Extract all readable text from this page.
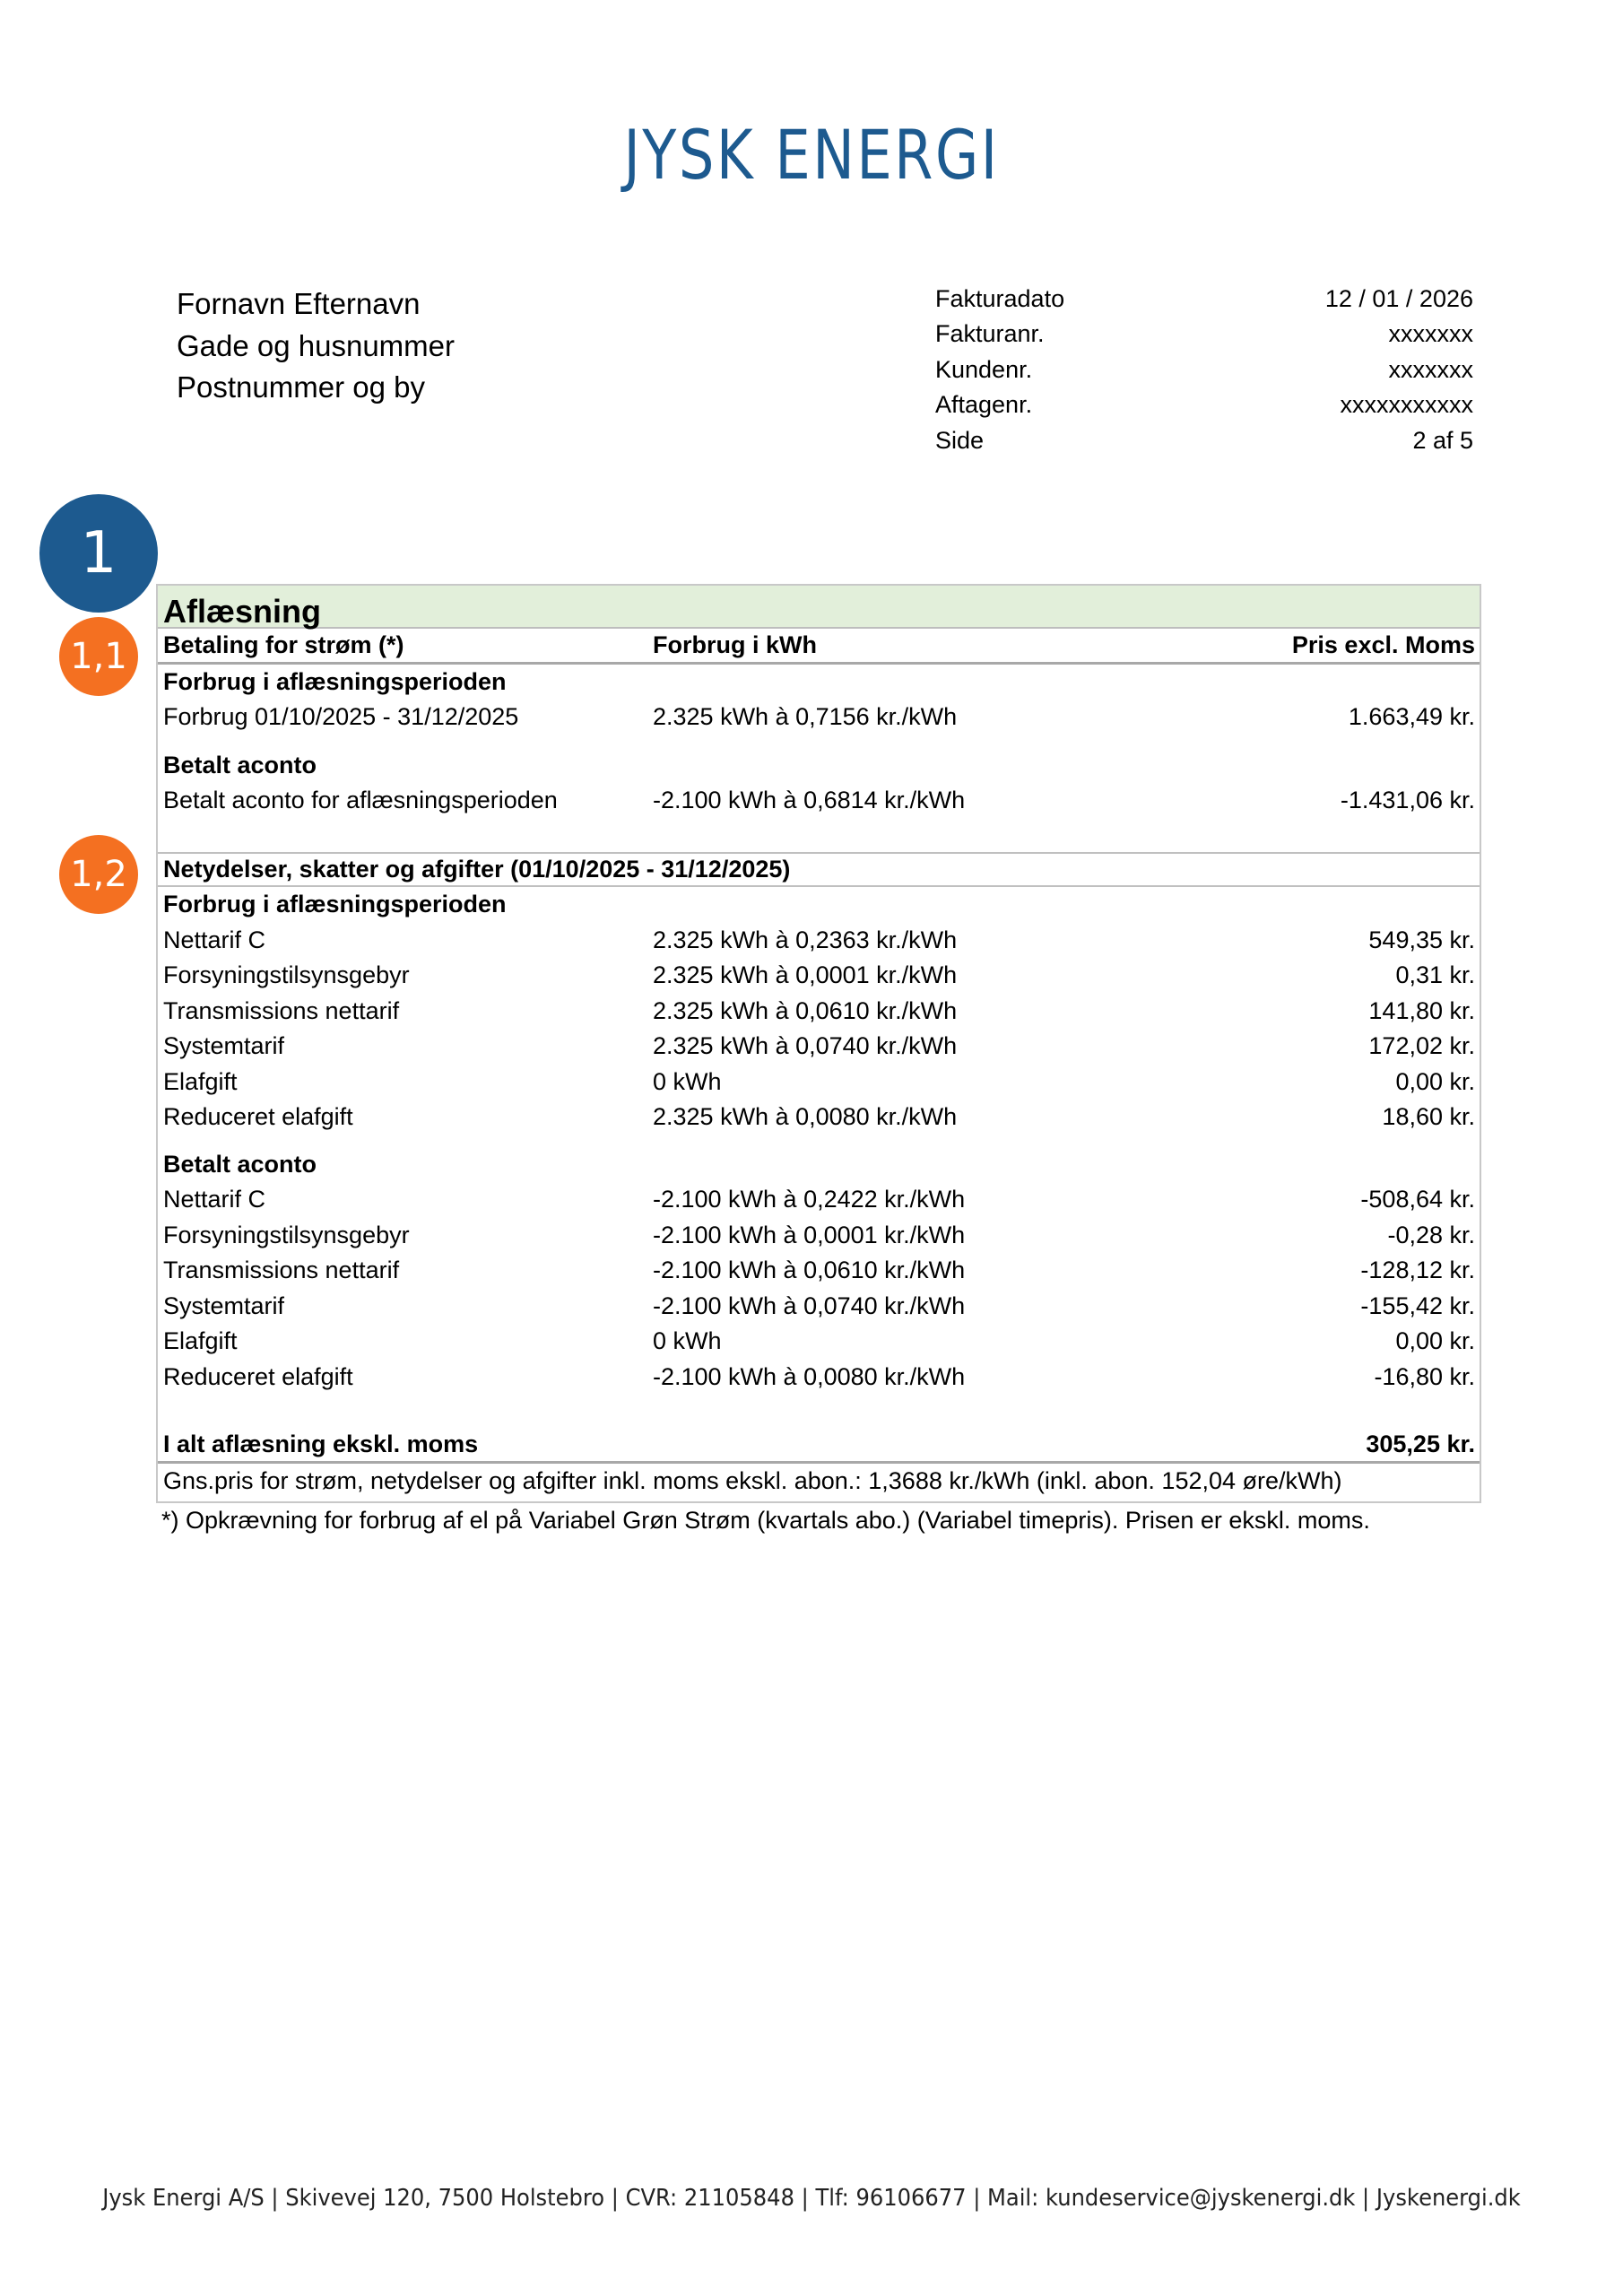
JYSK ENERGI
Fornavn Efternavn
Gade og husnummer
Postnummer og by
Fakturadato	12 / 01 / 2026
Fakturanr.	xxxxxxx
Kundenr.	xxxxxxx
Aftagenr.	xxxxxxxxxxx
Side	2 af 5
1
1,1
1,2
Aflæsning
Betaling for strøm (*)	Forbrug i kWh	Pris excl. Moms
Forbrug i aflæsningsperioden
Forbrug 01/10/2025 - 31/12/2025	2.325 kWh à 0,7156 kr./kWh	1.663,49 kr.
Betalt aconto
Betalt aconto for aflæsningsperioden	-2.100 kWh à 0,6814 kr./kWh	-1.431,06 kr.
Netydelser, skatter og afgifter (01/10/2025 - 31/12/2025)
Forbrug i aflæsningsperioden
Nettarif C	2.325 kWh à 0,2363 kr./kWh	549,35 kr.
Forsyningstilsynsgebyr	2.325 kWh à 0,0001 kr./kWh	0,31 kr.
Transmissions nettarif	2.325 kWh à 0,0610 kr./kWh	141,80 kr.
Systemtarif	2.325 kWh à 0,0740 kr./kWh	172,02 kr.
Elafgift	0 kWh	0,00 kr.
Reduceret elafgift	2.325 kWh à 0,0080 kr./kWh	18,60 kr.
Betalt aconto
Nettarif C	-2.100 kWh à 0,2422 kr./kWh	-508,64 kr.
Forsyningstilsynsgebyr	-2.100 kWh à 0,0001 kr./kWh	-0,28 kr.
Transmissions nettarif	-2.100 kWh à 0,0610 kr./kWh	-128,12 kr.
Systemtarif	-2.100 kWh à 0,0740 kr./kWh	-155,42 kr.
Elafgift	0 kWh	0,00 kr.
Reduceret elafgift	-2.100 kWh à 0,0080 kr./kWh	-16,80 kr.
I alt aflæsning ekskl. moms	305,25 kr.
Gns.pris for strøm, netydelser og afgifter inkl. moms ekskl. abon.: 1,3688 kr./kWh (inkl. abon. 152,04 øre/kWh)
*) Opkrævning for forbrug af el på Variabel Grøn Strøm (kvartals abo.) (Variabel timepris). Prisen er ekskl. moms.
Jysk Energi A/S | Skivevej 120, 7500 Holstebro | CVR: 21105848 | Tlf: 96106677 | Mail: kundeservice@jyskenergi.dk | Jyskenergi.dk
